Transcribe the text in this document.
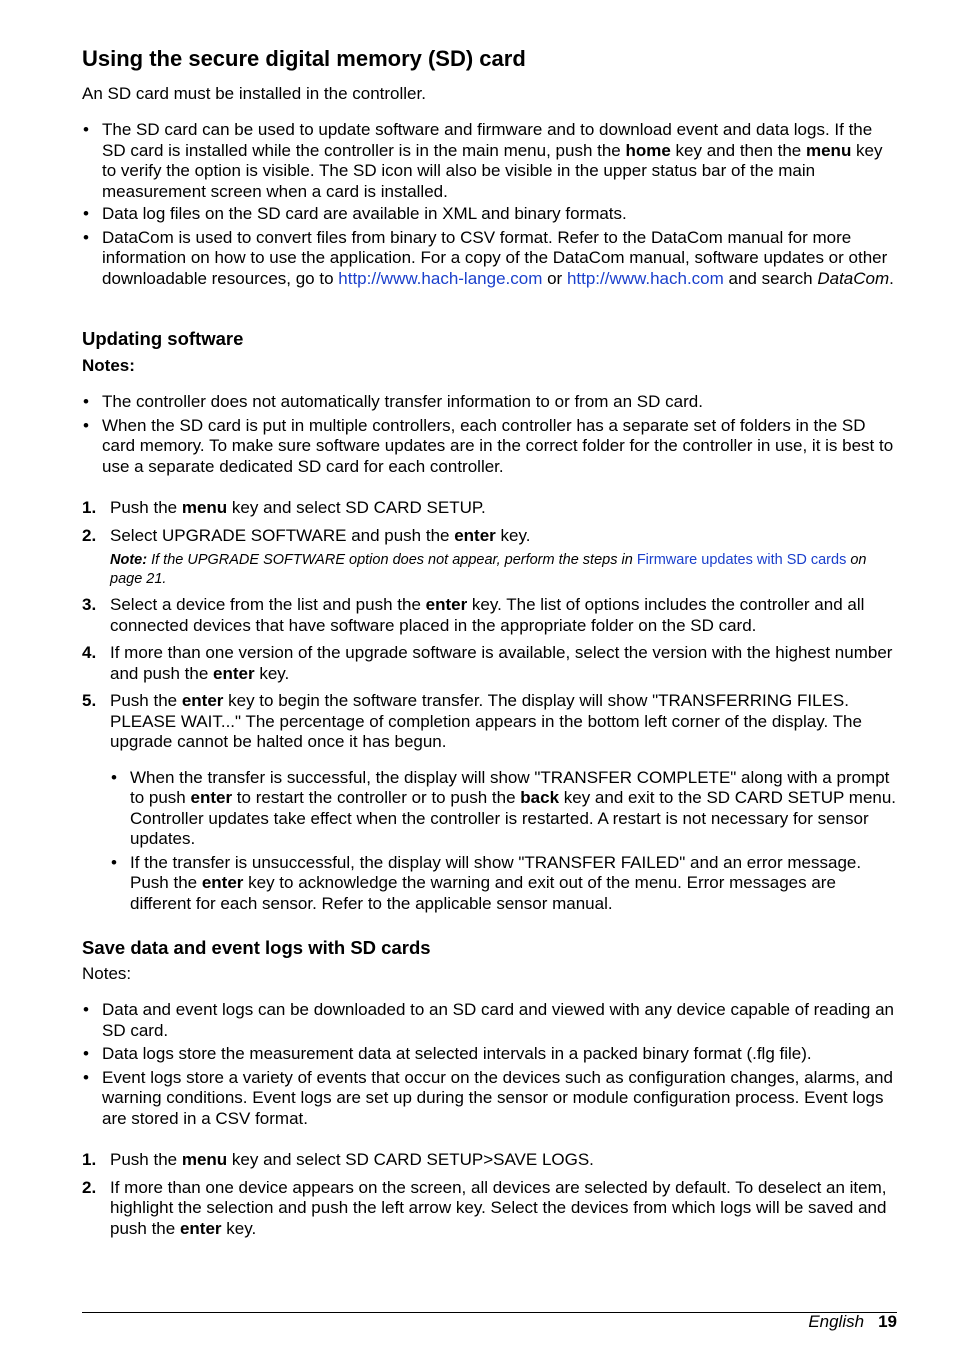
Using the secure digital memory (SD) card

An SD card must be installed in the controller.

• The SD card can be used to update software and firmware and to download event and data logs. If the SD card is installed while the controller is in the main menu, push the home key and then the menu key to verify the option is visible. The SD icon will also be visible in the upper status bar of the main measurement screen when a card is installed.
• Data log files on the SD card are available in XML and binary formats.
• DataCom is used to convert files from binary to CSV format. Refer to the DataCom manual for more information on how to use the application. For a copy of the DataCom manual, software updates or other downloadable resources, go to http://www.hach-lange.com or http://www.hach.com and search DataCom.
Updating software

Notes:

• The controller does not automatically transfer information to or from an SD card.
• When the SD card is put in multiple controllers, each controller has a separate set of folders in the SD card memory. To make sure software updates are in the correct folder for the controller in use, it is best to use a separate dedicated SD card for each controller.
1. Push the menu key and select SD CARD SETUP.
2. Select UPGRADE SOFTWARE and push the enter key.

Note: If the UPGRADE SOFTWARE option does not appear, perform the steps in Firmware updates with SD cards on page 21.

3. Select a device from the list and push the enter key. The list of options includes the controller and all connected devices that have software placed in the appropriate folder on the SD card.
4. If more than one version of the upgrade software is available, select the version with the highest number and push the enter key.
5. Push the enter key to begin the software transfer. The display will show "TRANSFERRING FILES. PLEASE WAIT..." The percentage of completion appears in the bottom left corner of the display. The upgrade cannot be halted once it has begun.
• When the transfer is successful, the display will show "TRANSFER COMPLETE" along with a prompt to push enter to restart the controller or to push the back key and exit to the SD CARD SETUP menu. Controller updates take effect when the controller is restarted. A restart is not necessary for sensor updates.
• If the transfer is unsuccessful, the display will show "TRANSFER FAILED" and an error message. Push the enter key to acknowledge the warning and exit out of the menu. Error messages are different for each sensor. Refer to the applicable sensor manual.
Save data and event logs with SD cards

Notes:

• Data and event logs can be downloaded to an SD card and viewed with any device capable of reading an SD card.
• Data logs store the measurement data at selected intervals in a packed binary format (.flg file).
• Event logs store a variety of events that occur on the devices such as configuration changes, alarms, and warning conditions. Event logs are set up during the sensor or module configuration process. Event logs are stored in a CSV format.
1. Push the menu key and select SD CARD SETUP>SAVE LOGS.
2. If more than one device appears on the screen, all devices are selected by default. To deselect an item, highlight the selection and push the left arrow key. Select the devices from which logs will be saved and push the enter key.
English 19
